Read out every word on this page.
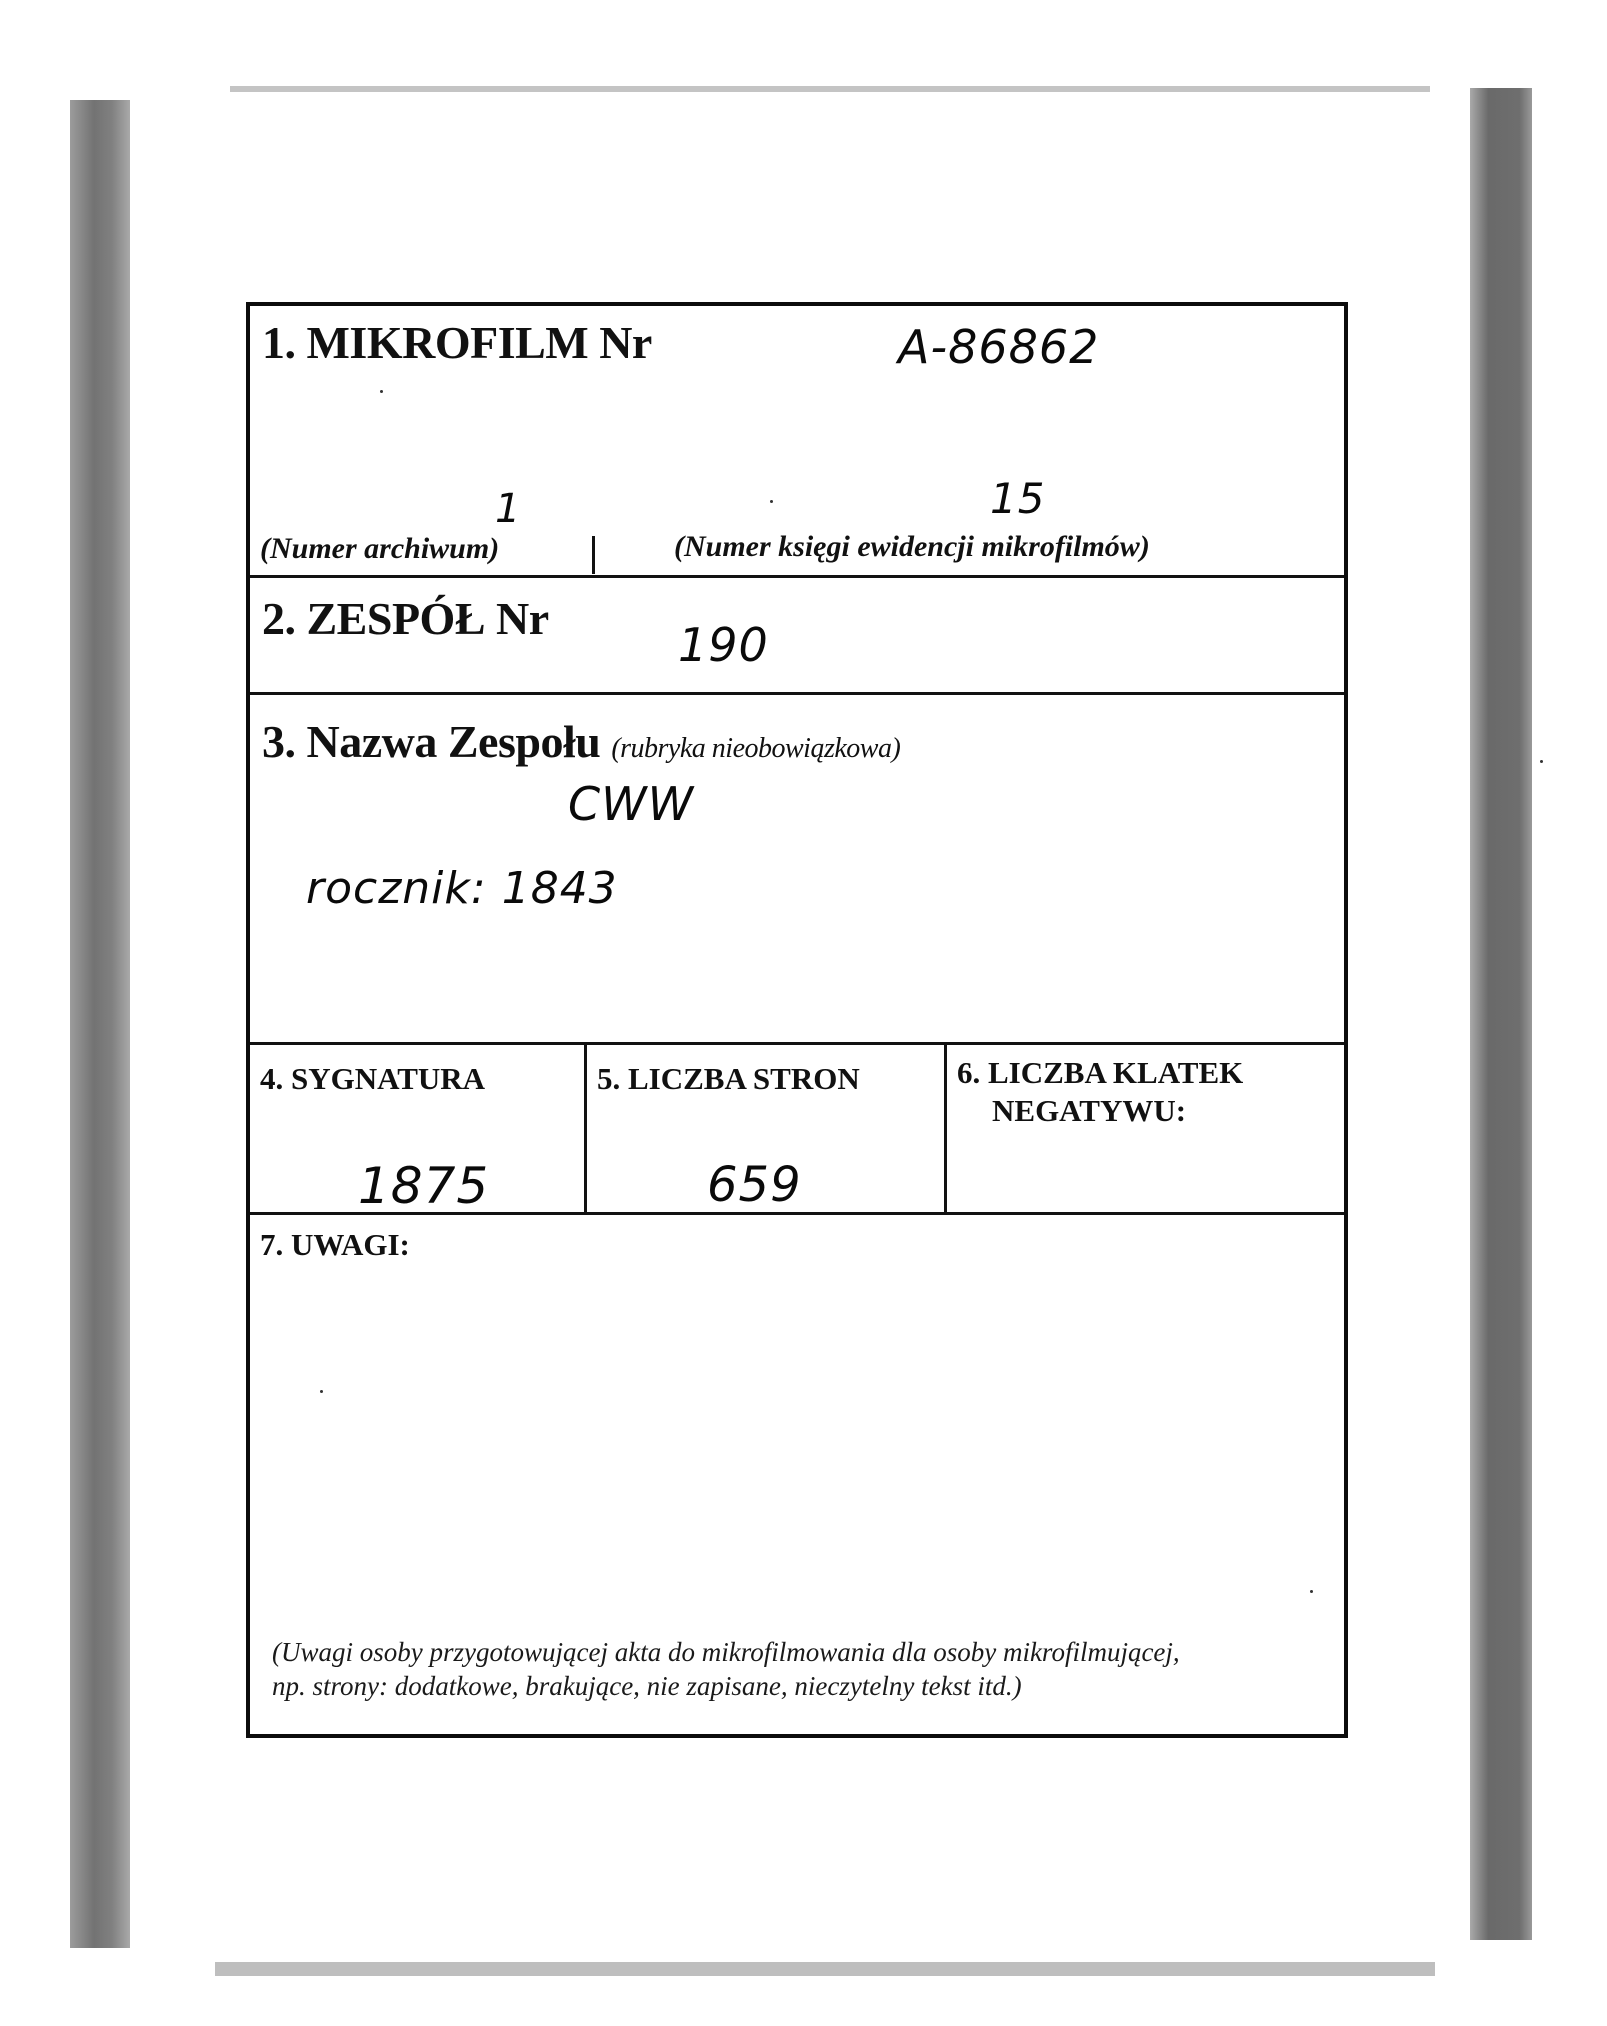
1. MIKROFILM Nr	A-86862
1	15
(Numer archiwum)	(Numer księgi ewidencji mikrofilmów)
2. ZESPÓŁ Nr	190
3. Nazwa Zespołu (rubryka nieobowiązkowa)
CWW
rocznik: 1843
4. SYGNATURA
1875
5. LICZBA STRON
659
6. LICZBA KLATEK
NEGATYWU:
7. UWAGI:
(Uwagi osoby przygotowującej akta do mikrofilmowania dla osoby mikrofilmującej,
np. strony: dodatkowe, brakujące, nie zapisane, nieczytelny tekst itd.)
